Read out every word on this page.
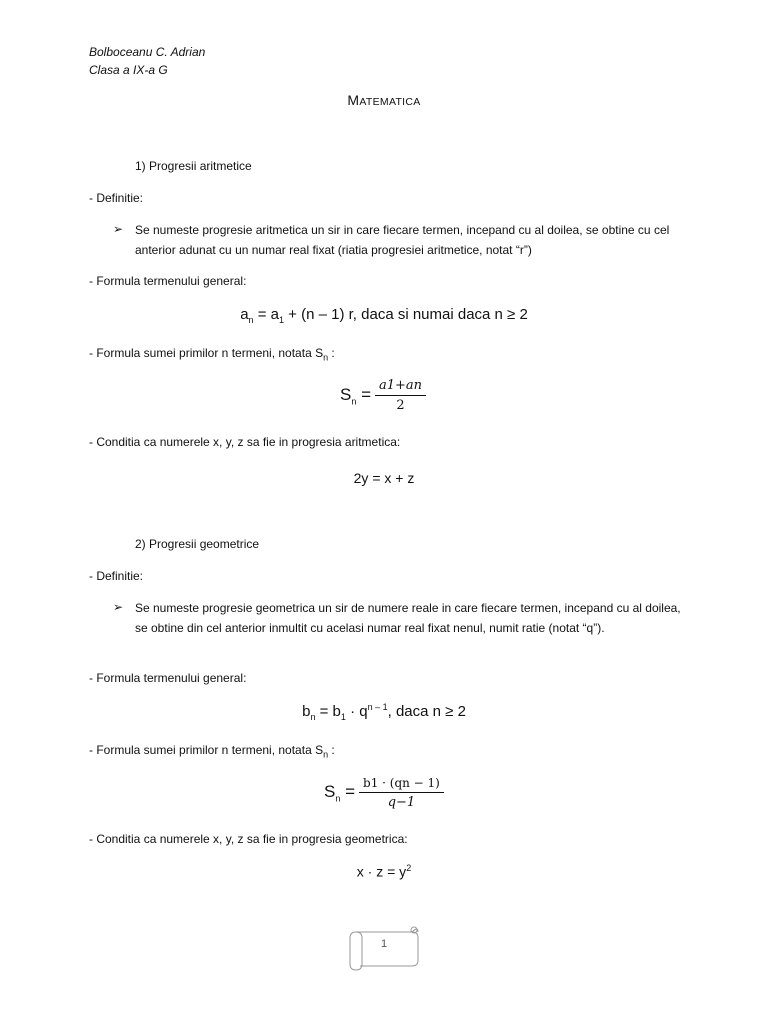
Bolboceanu C. Adrian
Clasa a IX-a G
MATEMATICA
1) Progresii aritmetice
- Definitie:
➢ Se numeste progresie aritmetica un sir in care fiecare termen, incepand cu al doilea, se obtine cu cel anterior adunat cu un numar real fixat (riatia progresiei aritmetice, notat “r”)
- Formula termenului general:
$a_n = a_1 + (n - 1)$ r, daca si numai daca n ≥ 2
- Formula sumei primilor n termeni, notata $S_n$ :
$S_n = \frac{a1+an}{2}$
- Conditia ca numerele x, y, z sa fie in progresia aritmetica:
2y = x + z
2) Progresii geometrice
- Definitie:
➢ Se numeste progresie geometrica un sir de numere reale in care fiecare termen, incepand cu al doilea, se obtine din cel anterior inmultit cu acelasi numar real fixat nenul, numit ratie (notat “q”).
- Formula termenului general:
$b_n = b_1 \cdot q^{n - 1}$, daca n ≥ 2
- Formula sumei primilor n termeni, notata $S_n$ :
$S_n = \frac{b1 \cdot (qn - 1)}{q-1}$
- Conditia ca numerele x, y, z sa fie in progresia geometrica:
$x \cdot z = y^2$
1
